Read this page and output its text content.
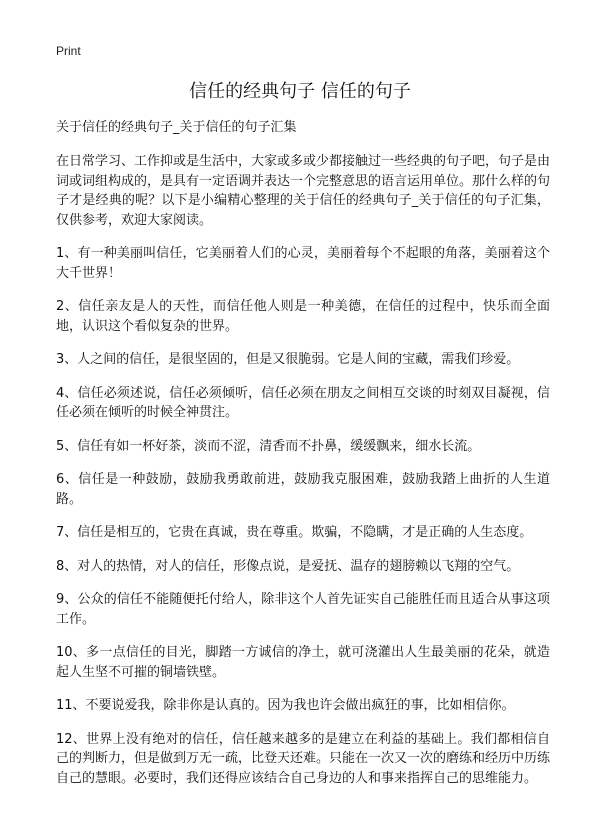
Print
信任的经典句子 信任的句子

关于信任的经典句子_关于信任的句子汇集

在日常学习、工作抑或是生活中，大家或多或少都接触过一些经典的句子吧，句子是由词或词组构成的，是具有一定语调并表达一个完整意思的语言运用单位。那什么样的句子才是经典的呢？以下是小编精心整理的关于信任的经典句子_关于信任的句子汇集，仅供参考，欢迎大家阅读。

1、有一种美丽叫信任，它美丽着人们的心灵，美丽着每个不起眼的角落，美丽着这个大千世界！

2、信任亲友是人的天性，而信任他人则是一种美德，在信任的过程中，快乐而全面地，认识这个看似复杂的世界。

3、人之间的信任，是很坚固的，但是又很脆弱。它是人间的宝藏，需我们珍爱。

4、信任必须述说，信任必须倾听，信任必须在朋友之间相互交谈的时刻双目凝视，信任必须在倾听的时候全神贯注。

5、信任有如一杯好茶，淡而不涩，清香而不扑鼻，缓缓飘来，细水长流。

6、信任是一种鼓励，鼓励我勇敢前进，鼓励我克服困难，鼓励我踏上曲折的人生道路。

7、信任是相互的，它贵在真诚，贵在尊重。欺骗，不隐瞒，才是正确的人生态度。

8、对人的热情，对人的信任，形像点说，是爱抚、温存的翅膀赖以飞翔的空气。

9、公众的信任不能随便托付给人，除非这个人首先证实自己能胜任而且适合从事这项工作。

10、多一点信任的目光，脚踏一方诚信的净土，就可浇灌出人生最美丽的花朵，就造起人生坚不可摧的铜墙铁壁。

11、不要说爱我，除非你是认真的。因为我也许会做出疯狂的事，比如相信你。

12、世界上没有绝对的信任，信任越来越多的是建立在利益的基础上。我们都相信自己的判断力，但是做到万无一疏，比登天还难。只能在一次又一次的磨练和经历中历练自己的慧眼。必要时，我们还得应该结合自己身边的人和事来指挥自己的思维能力。
